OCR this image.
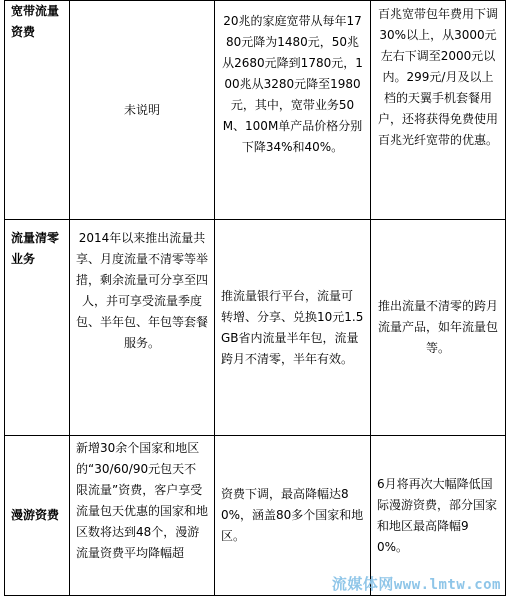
宽带流量资费	未说明	20兆的家庭宽带从每年1780元降为1480元，50兆从2680元降到1780元，100兆从3280元降至1980元，其中，宽带业务50M、100M单产品价格分别下降34%和40%。	百兆宽带包年费用下调30%以上，从3000元左右下调至2000元以内。299元/月及以上档的天翼手机套餐用户，还将获得免费使用百兆光纤宽带的优惠。

流量清零业务	2014年以来推出流量共享、月度流量不清零等举措，剩余流量可分享至四人，并可享受流量季度包、半年包、年包等套餐服务。	推流量银行平台，流量可转增、分享、兑换10元1.5GB省内流量半年包，流量跨月不清零，半年有效。	推出流量不清零的跨月流量产品，如年流量包等。

漫游资费	新增30余个国家和地区的“30/60/90元包天不限流量”资费，客户享受流量包天优惠的国家和地区数将达到48个，漫游流量资费平均降幅超	资费下调，最高降幅达80%，涵盖80多个国家和地区。	6月将再次大幅降低国际漫游资费，部分国家和地区最高降幅90%。
流媒体网www.lmtw.com
